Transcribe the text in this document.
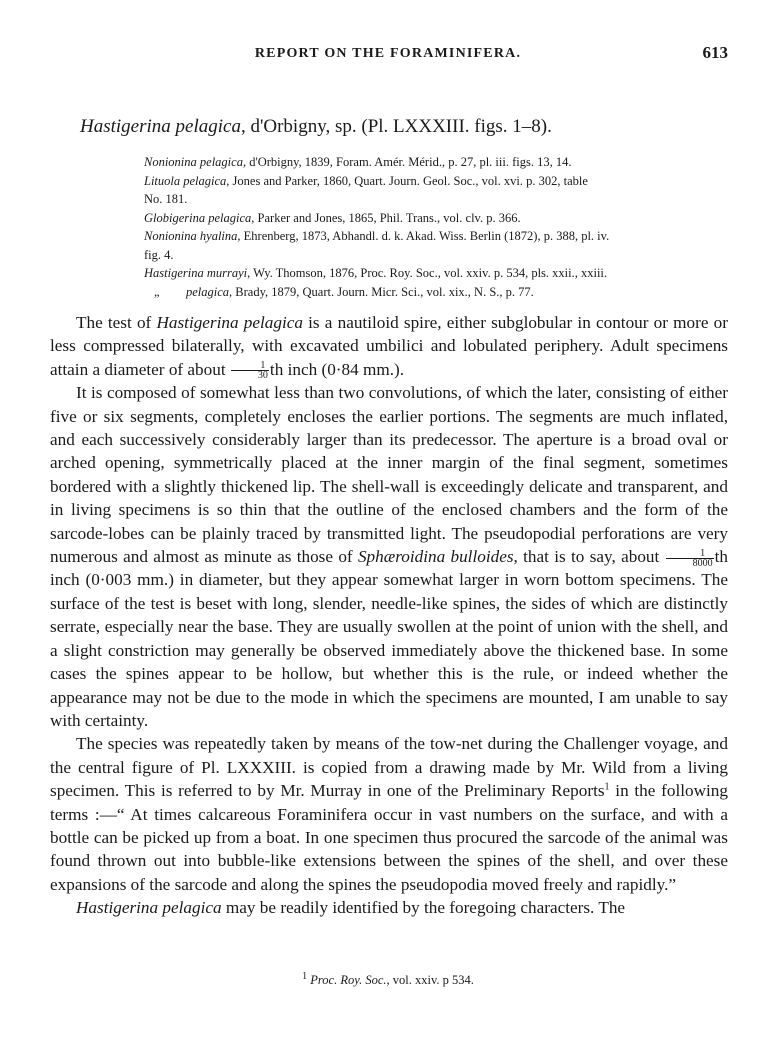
REPORT ON THE FORAMINIFERA.	613
Hastigerina pelagica, d'Orbigny, sp. (Pl. LXXXIII. figs. 1–8).
Nonionina pelagica, d'Orbigny, 1839, Foram. Amér. Mérid., p. 27, pl. iii. figs. 13, 14.
Lituola pelagica, Jones and Parker, 1860, Quart. Journ. Geol. Soc., vol. xvi. p. 302, table
No. 181.
Globigerina pelagica, Parker and Jones, 1865, Phil. Trans., vol. clv. p. 366.
Nonionina hyalina, Ehrenberg, 1873, Abhandl. d. k. Akad. Wiss. Berlin (1872), p. 388, pl. iv.
fig. 4.
Hastigerina murrayi, Wy. Thomson, 1876, Proc. Roy. Soc., vol. xxiv. p. 534, pls. xxii., xxiii.
„ pelagica, Brady, 1879, Quart. Journ. Micr. Sci., vol. xix., N. S., p. 77.

The test of Hastigerina pelagica is a nautiloid spire, either subglobular in contour or more or less compressed bilaterally, with excavated umbilici and lobulated periphery. Adult specimens attain a diameter of about $\frac{1}{30}$ th inch (0·84 mm.).

It is composed of somewhat less than two convolutions, of which the later, consisting of either five or six segments, completely encloses the earlier portions. The segments are much inflated, and each successively considerably larger than its predecessor. The aperture is a broad oval or arched opening, symmetrically placed at the inner margin of the final segment, sometimes bordered with a slightly thickened lip. The shell-wall is exceedingly delicate and transparent, and in living specimens is so thin that the outline of the enclosed chambers and the form of the sarcode-lobes can be plainly traced by transmitted light. The pseudopodial perforations are very numerous and almost as minute as those of Sphæroidina bulloides, that is to say, about $\frac{1}{8000}$ th inch (0·003 mm.) in diameter, but they appear somewhat larger in worn bottom specimens. The surface of the test is beset with long, slender, needle-like spines, the sides of which are distinctly serrate, especially near the base. They are usually swollen at the point of union with the shell, and a slight constriction may generally be observed immediately above the thickened base. In some cases the spines appear to be hollow, but whether this is the rule, or indeed whether the appearance may not be due to the mode in which the specimens are mounted, I am unable to say with certainty.

The species was repeatedly taken by means of the tow-net during the Challenger voyage, and the central figure of Pl. LXXXIII. is copied from a drawing made by Mr. Wild from a living specimen. This is referred to by Mr. Murray in one of the Preliminary Reports$^1$ in the following terms :—“ At times calcareous Foraminifera occur in vast numbers on the surface, and with a bottle can be picked up from a boat. In one specimen thus procured the sarcode of the animal was found thrown out into bubble-like extensions between the spines of the shell, and over these expansions of the sarcode and along the spines the pseudopodia moved freely and rapidly.”

Hastigerina pelagica may be readily identified by the foregoing characters. The

$^1$ Proc. Roy. Soc., vol. xxiv. p 534.
